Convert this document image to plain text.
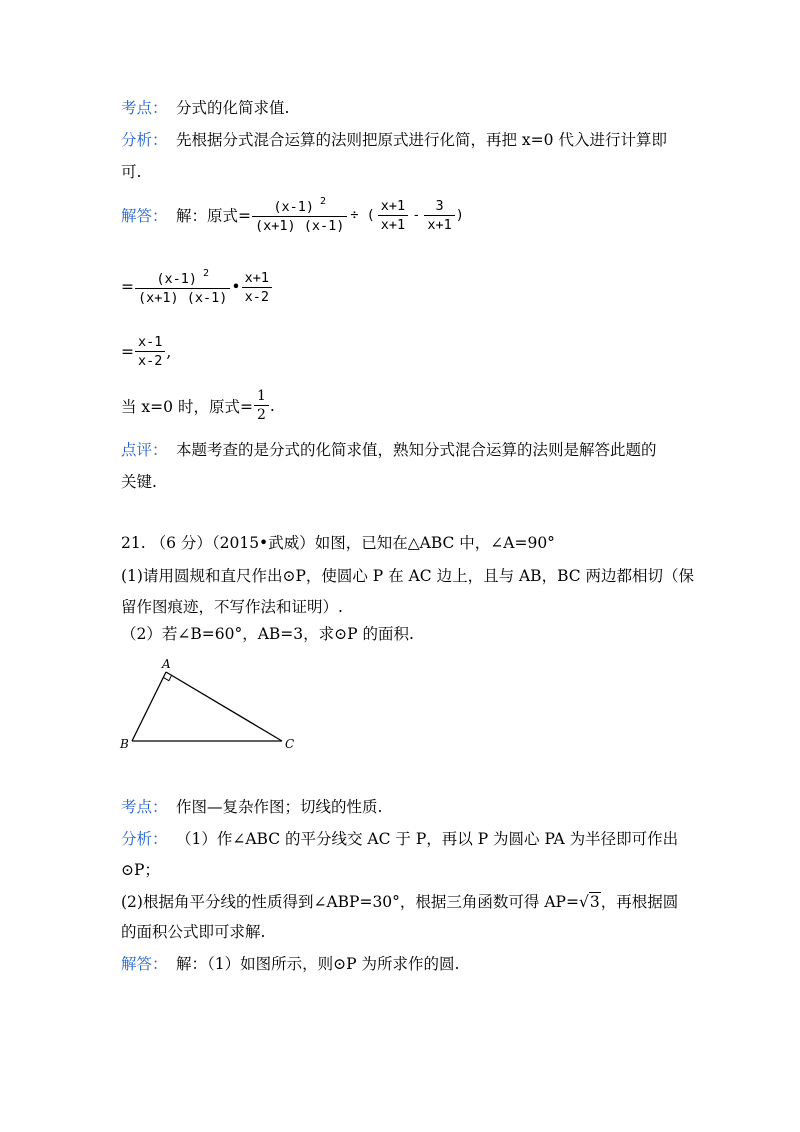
考点： 分式的化简求值.
分析： 先根据分式混合运算的法则把原式进行化简，再把 x=0 代入进行计算即
可.
解答： 解：原式= $\frac{(x-1) ^2}{(x+1) (x-1)}$ ÷ ( $\frac{x+1}{x+1} - \frac{3}{x+1}$ )
= $\frac{(x-1) ^2}{(x+1) (x-1)}$ • $\frac{x+1}{x-2}$
= $\frac{x-1}{x-2}$ ,
当 x=0 时，原式= $\frac{1}{2}$ .
点评： 本题考查的是分式的化简求值，熟知分式混合运算的法则是解答此题的
关键.
21. （6 分）（2015•武威）如图，已知在△ABC 中，∠A=90°
(1)请用圆规和直尺作出⊙P，使圆心 P 在 AC 边上，且与 AB，BC 两边都相切（保
留作图痕迹，不写作法和证明）.
（2）若∠B=60°，AB=3，求⊙P 的面积.
A
B	C
考点： 作图—复杂作图；切线的性质.
分析： （1）作∠ABC 的平分线交 AC 于 P，再以 P 为圆心 PA 为半径即可作出
⊙P；
(2)根据角平分线的性质得到∠ABP=30°，根据三角函数可得 AP=√3，再根据圆
的面积公式即可求解.
解答： 解：（1）如图所示，则⊙P 为所求作的圆.
